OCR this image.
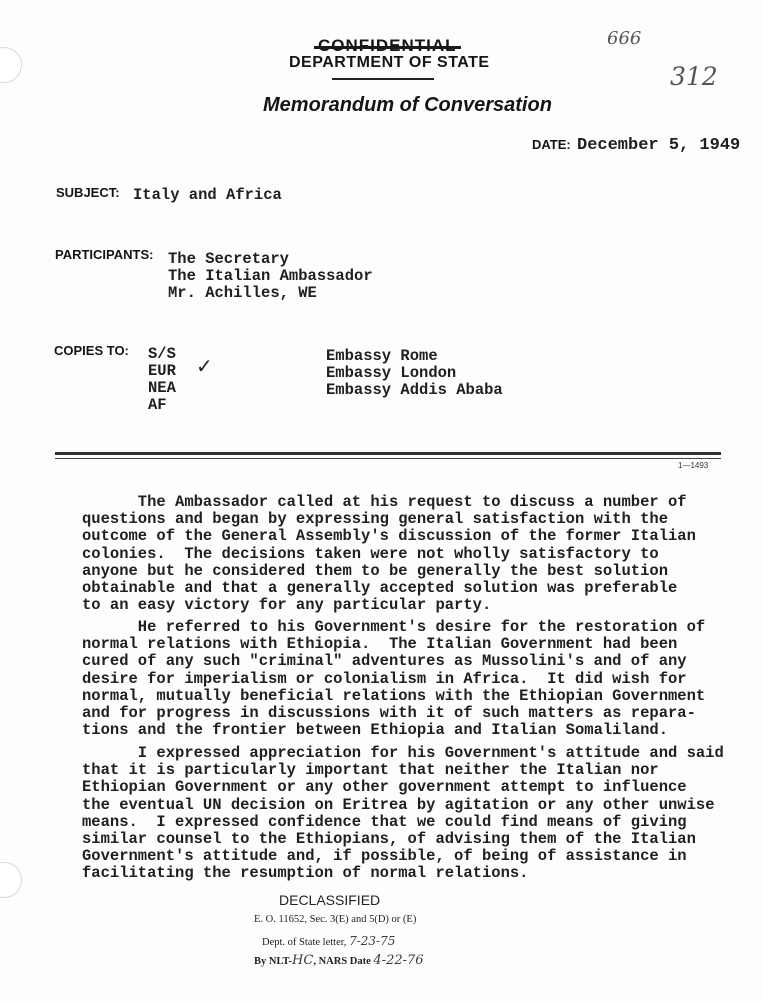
666
312
DEPARTMENT OF STATE
Memorandum of Conversation
DATE: December 5, 1949
SUBJECT: Italy and Africa
PARTICIPANTS: The Secretary
The Italian Ambassador
Mr. Achilles, WE
COPIES TO: S/S
EUR
NEA
AF
✓	Embassy Rome
Embassy London
Embassy Addis Ababa
1—1493
The Ambassador called at his request to discuss a number of
questions and began by expressing general satisfaction with the
outcome of the General Assembly's discussion of the former Italian
colonies.  The decisions taken were not wholly satisfactory to
anyone but he considered them to be generally the best solution
obtainable and that a generally accepted solution was preferable
to an easy victory for any particular party.
He referred to his Government's desire for the restoration of
normal relations with Ethiopia.  The Italian Government had been
cured of any such "criminal" adventures as Mussolini's and of any
desire for imperialism or colonialism in Africa.  It did wish for
normal, mutually beneficial relations with the Ethiopian Government
and for progress in discussions with it of such matters as repara-
tions and the frontier between Ethiopia and Italian Somaliland.
I expressed appreciation for his Government's attitude and said
that it is particularly important that neither the Italian nor
Ethiopian Government or any other government attempt to influence
the eventual UN decision on Eritrea by agitation or any other unwise
means.  I expressed confidence that we could find means of giving
similar counsel to the Ethiopians, of advising them of the Italian
Government's attitude and, if possible, of being of assistance in
facilitating the resumption of normal relations.
DECLASSIFIED
E. O. 11652, Sec. 3(E) and 5(D) or (E)
Dept. of State letter, 7-23-75
By NLT-HC, NARS Date 4-22-76
